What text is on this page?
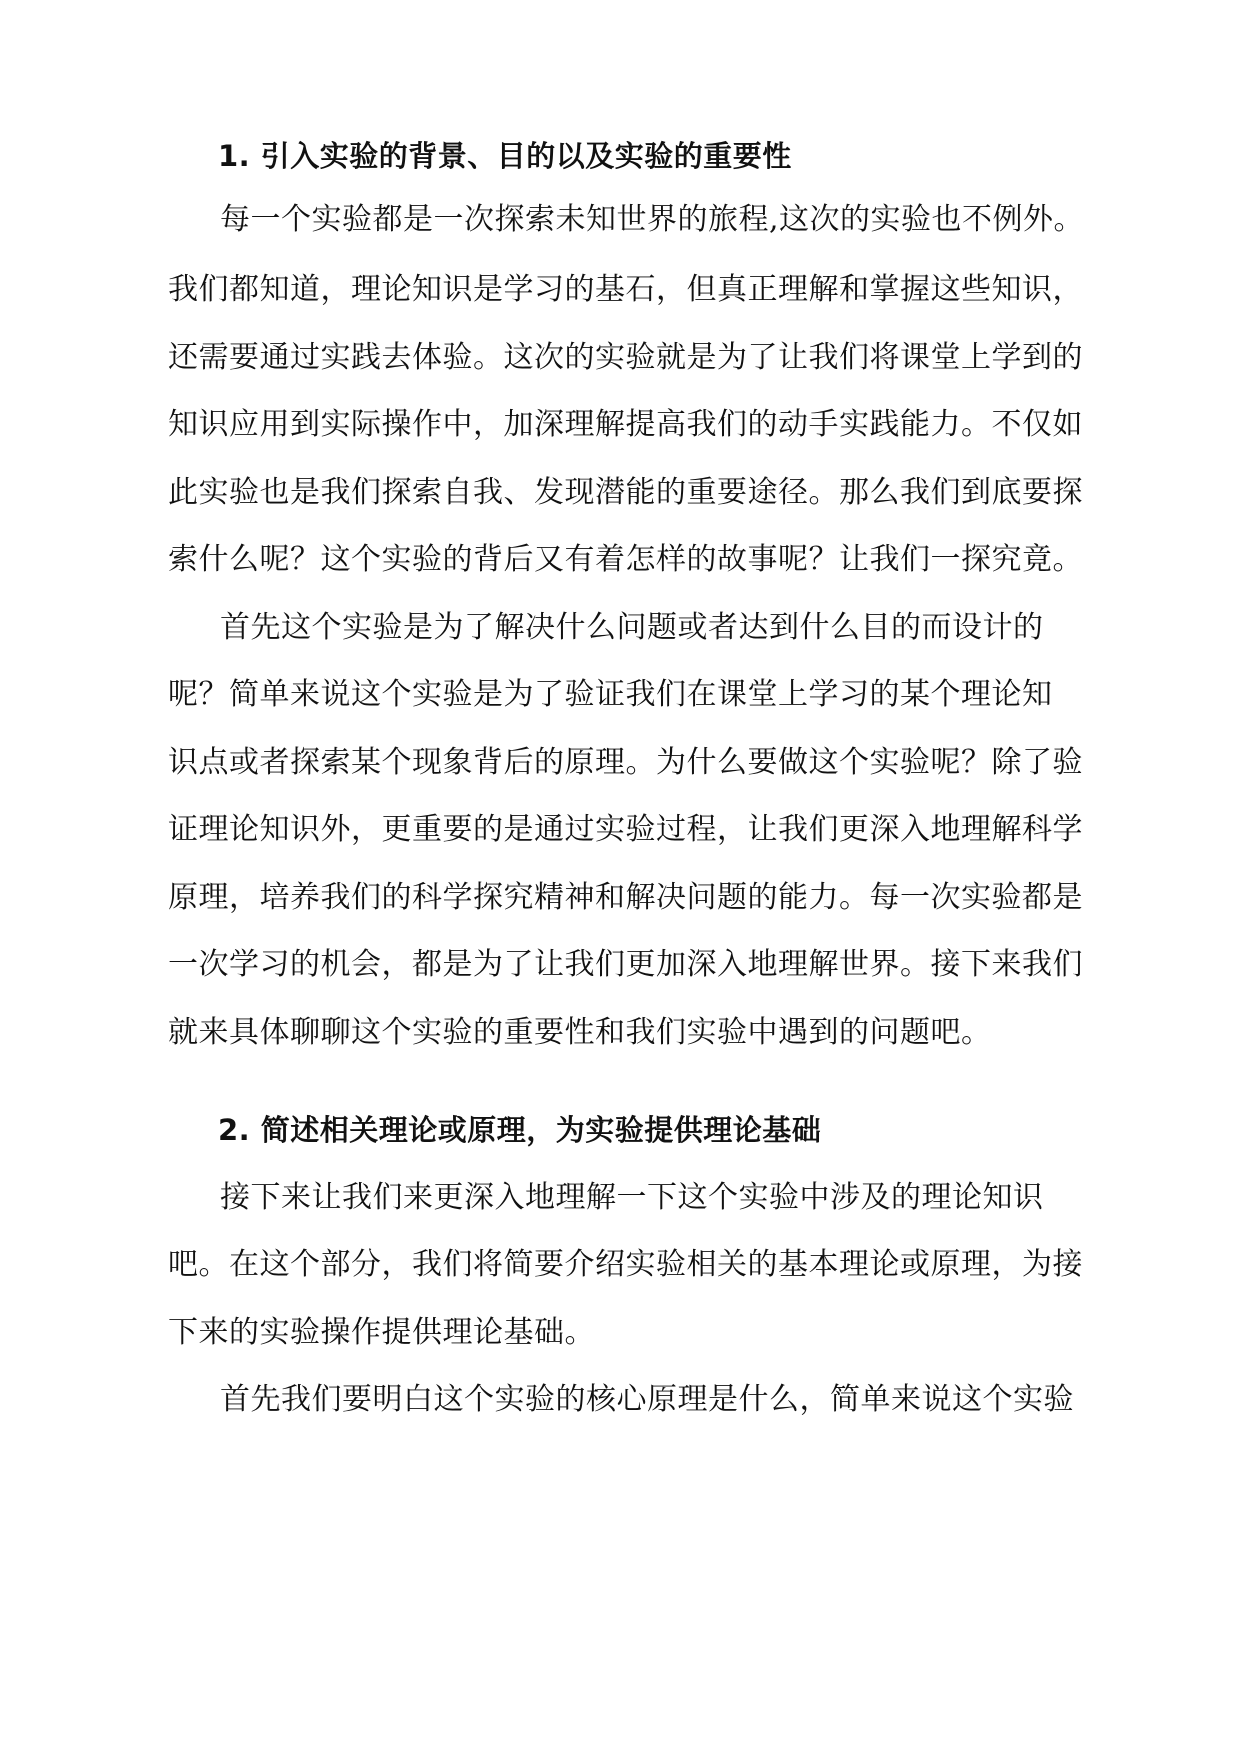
1. 引入实验的背景、目的以及实验的重要性
每一个实验都是一次探索未知世界的旅程,这次的实验也不例外。
我们都知道，理论知识是学习的基石，但真正理解和掌握这些知识，
还需要通过实践去体验。这次的实验就是为了让我们将课堂上学到的
知识应用到实际操作中，加深理解提高我们的动手实践能力。不仅如
此实验也是我们探索自我、发现潜能的重要途径。那么我们到底要探
索什么呢？这个实验的背后又有着怎样的故事呢？让我们一探究竟。
首先这个实验是为了解决什么问题或者达到什么目的而设计的
呢？简单来说这个实验是为了验证我们在课堂上学习的某个理论知
识点或者探索某个现象背后的原理。为什么要做这个实验呢？除了验
证理论知识外，更重要的是通过实验过程，让我们更深入地理解科学
原理，培养我们的科学探究精神和解决问题的能力。每一次实验都是
一次学习的机会，都是为了让我们更加深入地理解世界。接下来我们
就来具体聊聊这个实验的重要性和我们实验中遇到的问题吧。
2. 简述相关理论或原理，为实验提供理论基础
接下来让我们来更深入地理解一下这个实验中涉及的理论知识
吧。在这个部分，我们将简要介绍实验相关的基本理论或原理，为接
下来的实验操作提供理论基础。
首先我们要明白这个实验的核心原理是什么，简单来说这个实验
